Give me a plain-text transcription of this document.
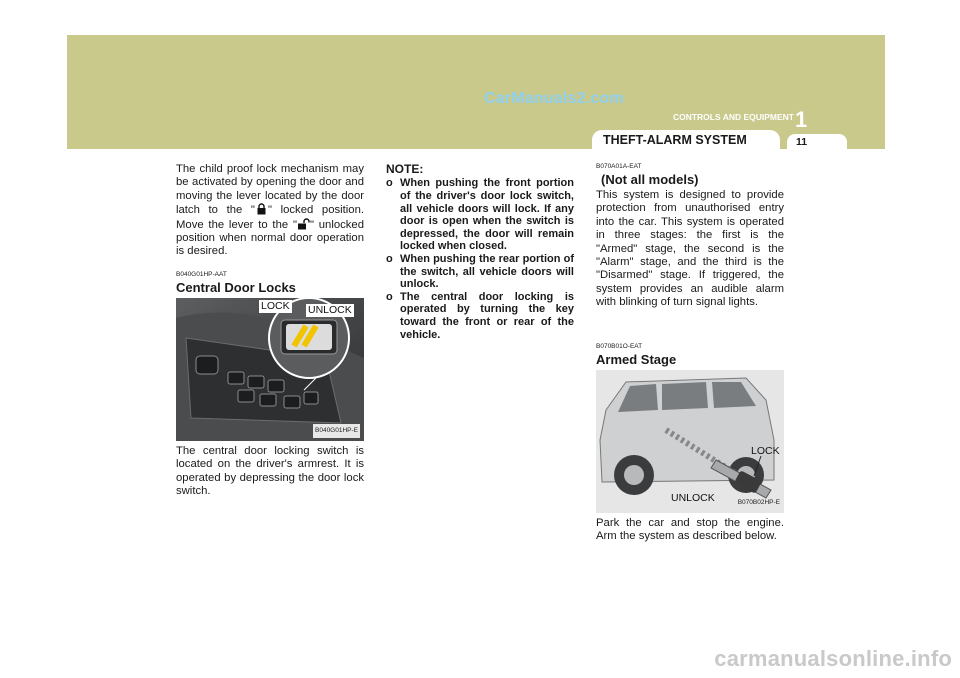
CarManuals2.com
CONTROLS AND EQUIPMENT 1
THEFT-ALARM SYSTEM	11

The child proof lock mechanism may be activated by opening the door and moving the lever located by the door latch to the " " locked position. Move the lever to the " " unlocked position when normal door operation is desired.

B040G01HP-AAT

Central Door Locks

LOCK UNLOCK
B040G01HP-E

The central door locking switch is located on the driver's armrest. It is operated by depressing the door lock switch.

NOTE:
o When pushing the front portion of the driver's door lock switch, all vehicle doors will lock. If any door is open when the switch is depressed, the door will remain locked when closed.
o When pushing the rear portion of the switch, all vehicle doors will unlock.
o The central door locking is operated by turning the key toward the front or rear of the vehicle.

B070A01A-EAT

(Not all models)

This system is designed to provide protection from unauthorised entry into the car. This system is operated in three stages: the first is the "Armed" stage, the second is the "Alarm" stage, and the third is the "Disarmed" stage. If triggered, the system provides an audible alarm with blinking of turn signal lights.

B070B01O-EAT

Armed Stage

LOCK
UNLOCK	B070B02HP-E

Park the car and stop the engine. Arm the system as described below.

carmanualsonline.info
